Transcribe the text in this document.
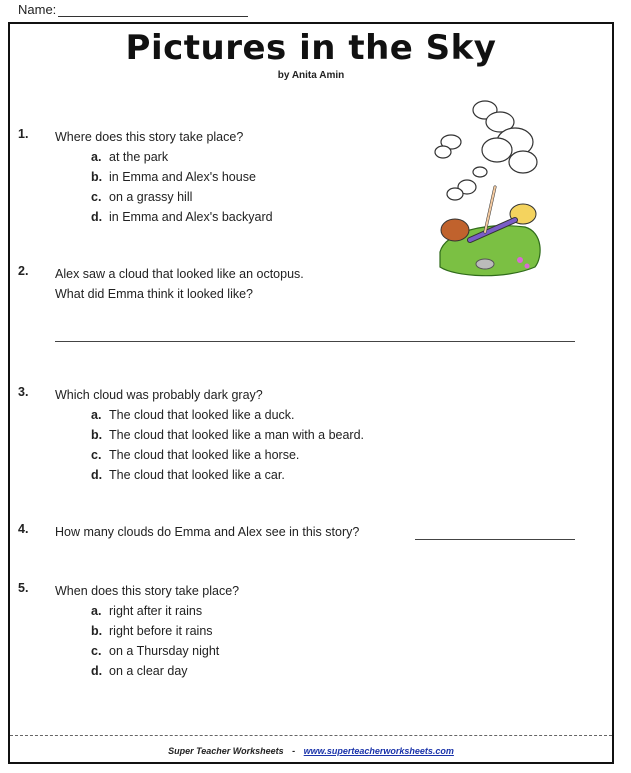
Name:
Pictures in the Sky
by Anita Amin
1. Where does this story take place?
a. at the park
b. in Emma and Alex's house
c. on a grassy hill
d. in Emma and Alex's backyard
2. Alex saw a cloud that looked like an octopus.
What did Emma think it looked like?
3. Which cloud was probably dark gray?
a. The cloud that looked like a duck.
b. The cloud that looked like a man with a beard.
c. The cloud that looked like a horse.
d. The cloud that looked like a car.
4. How many clouds do Emma and Alex see in this story?
5. When does this story take place?
a. right after it rains
b. right before it rains
c. on a Thursday night
d. on a clear day
Super Teacher Worksheets - www.superteacherworksheets.com
